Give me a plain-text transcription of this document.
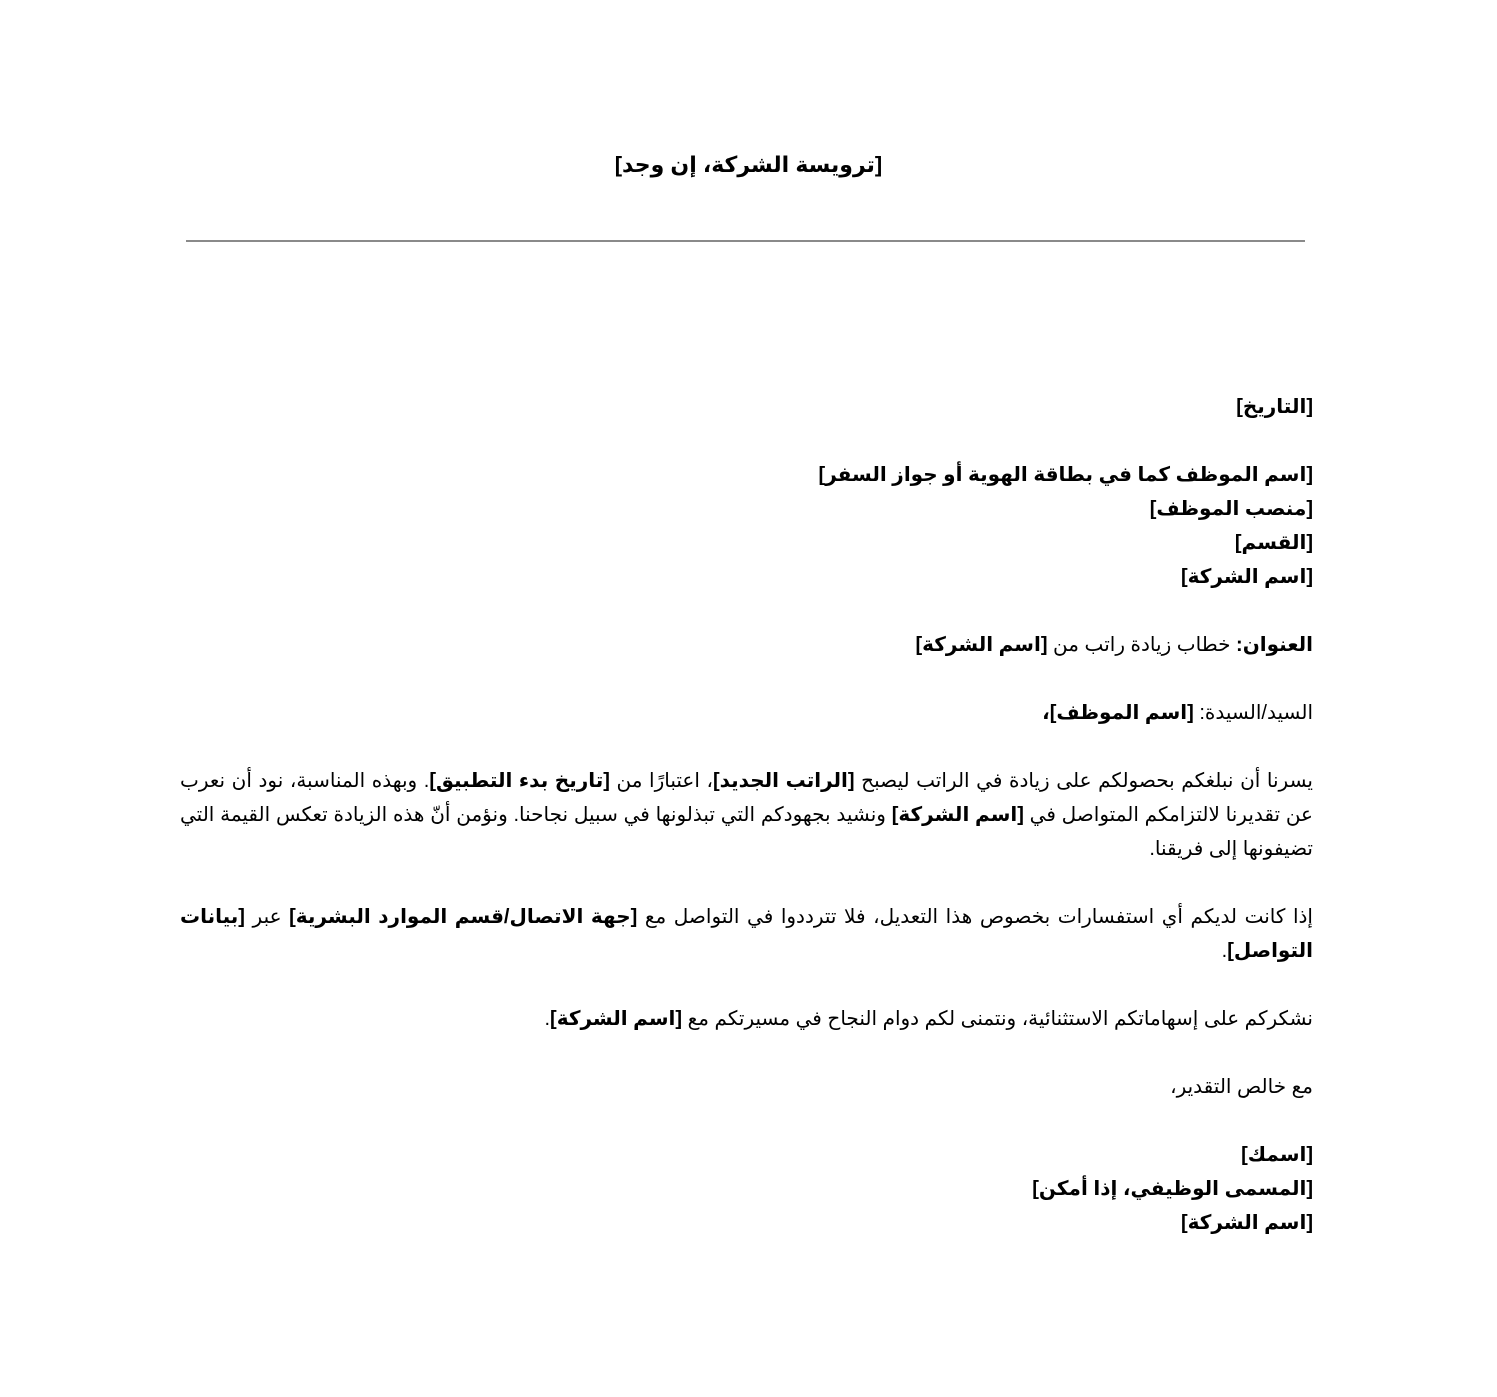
[ترويسة الشركة، إن وجد]
[التاريخ]
[اسم الموظف كما في بطاقة الهوية أو جواز السفر]
[منصب الموظف]
[القسم]
[اسم الشركة]
العنوان: خطاب زيادة راتب من [اسم الشركة]
السيد/السيدة: [اسم الموظف]،
يسرنا أن نبلغكم بحصولكم على زيادة في الراتب ليصبح [الراتب الجديد]، اعتبارًا من [تاريخ بدء التطبيق]. وبهذه المناسبة، نود أن نعرب عن تقديرنا لالتزامكم المتواصل في [اسم الشركة] ونشيد بجهودكم التي تبذلونها في سبيل نجاحنا. ونؤمن أنّ هذه الزيادة تعكس القيمة التي تضيفونها إلى فريقنا.
إذا كانت لديكم أي استفسارات بخصوص هذا التعديل، فلا تترددوا في التواصل مع [جهة الاتصال/قسم الموارد البشرية] عبر [بيانات التواصل].
نشكركم على إسهاماتكم الاستثنائية، ونتمنى لكم دوام النجاح في مسيرتكم مع [اسم الشركة].
مع خالص التقدير،
[اسمك]
[المسمى الوظيفي، إذا أمكن]
[اسم الشركة]
